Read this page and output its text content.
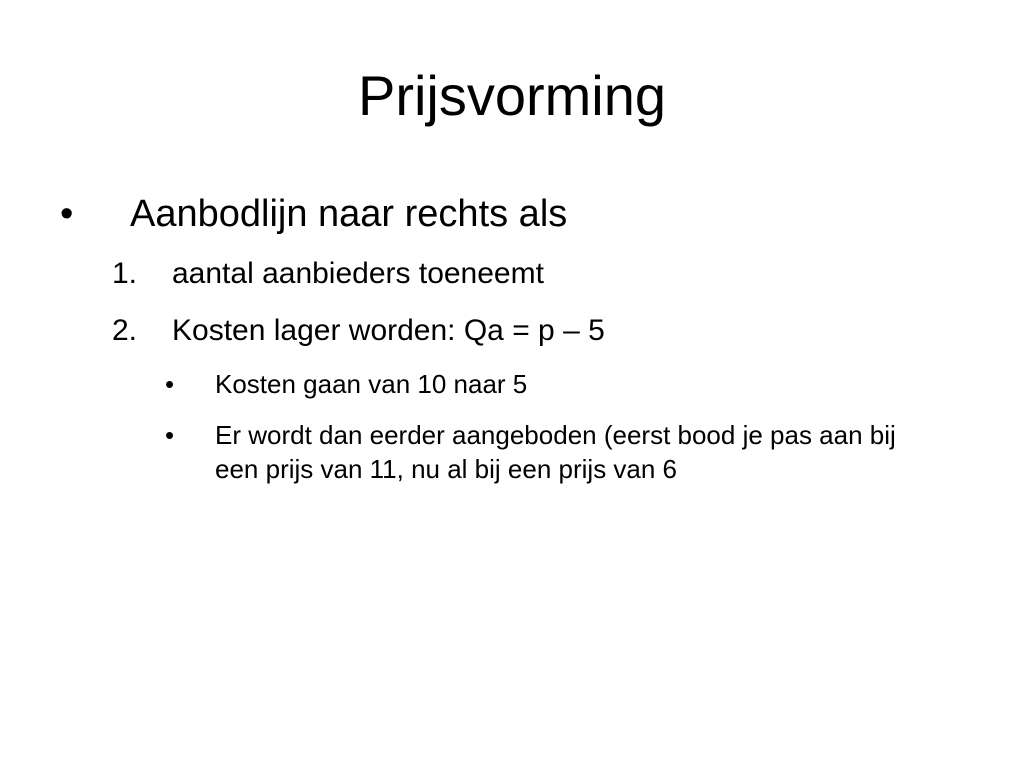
Prijsvorming
• Aanbodlijn naar rechts als
1. aantal aanbieders toeneemt
2. Kosten lager worden: Qa = p – 5
• Kosten gaan van 10 naar 5
• Er wordt dan eerder aangeboden (eerst bood je pas aan bij een prijs van 11, nu al bij een prijs van 6
